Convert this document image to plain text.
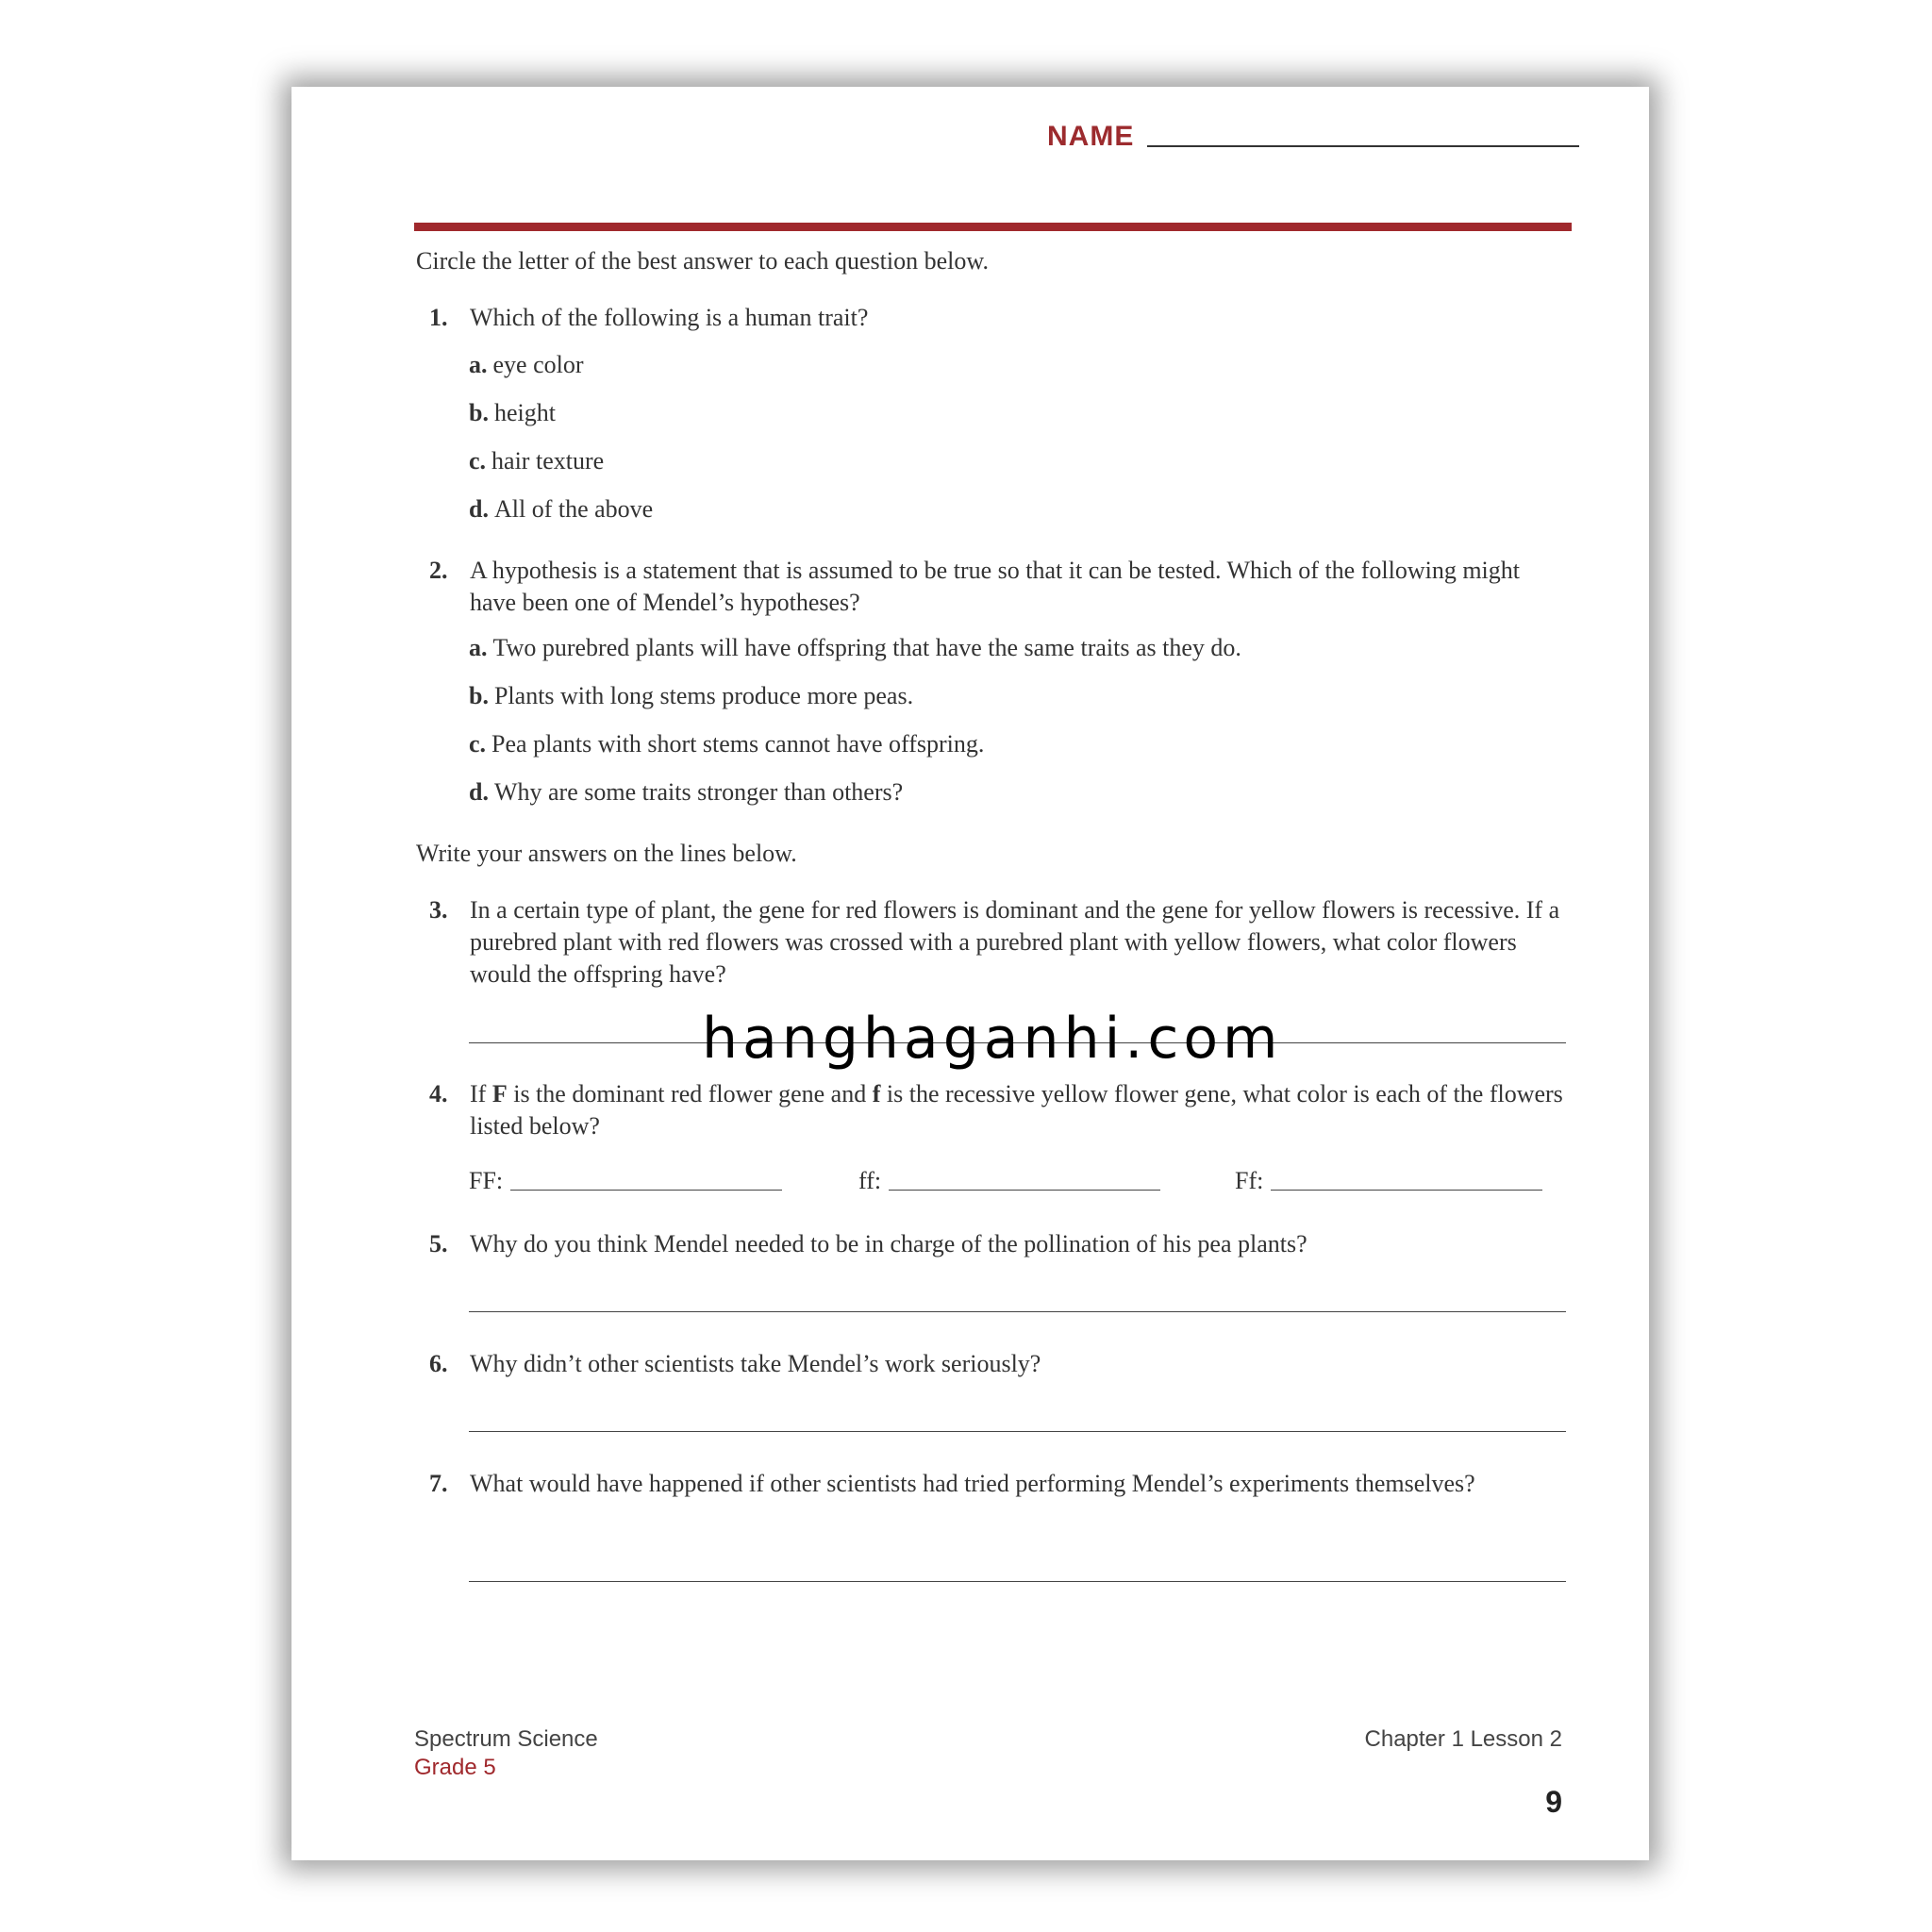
NAME
Circle the letter of the best answer to each question below.
1. Which of the following is a human trait?
a. eye color
b. height
c. hair texture
d. All of the above
2. A hypothesis is a statement that is assumed to be true so that it can be tested. Which of the following might have been one of Mendel’s hypotheses?
a. Two purebred plants will have offspring that have the same traits as they do.
b. Plants with long stems produce more peas.
c. Pea plants with short stems cannot have offspring.
d. Why are some traits stronger than others?
Write your answers on the lines below.
3. In a certain type of plant, the gene for red flowers is dominant and the gene for yellow flowers is recessive. If a purebred plant with red flowers was crossed with a purebred plant with yellow flowers, what color flowers would the offspring have?
hanghaganhi.com
4. If F is the dominant red flower gene and f is the recessive yellow flower gene, what color is each of the flowers listed below?
FF:	ff:	Ff:
5. Why do you think Mendel needed to be in charge of the pollination of his pea plants?
6. Why didn’t other scientists take Mendel’s work seriously?
7. What would have happened if other scientists had tried performing Mendel’s experiments themselves?
Spectrum Science
Grade 5
Chapter 1 Lesson 2
9
